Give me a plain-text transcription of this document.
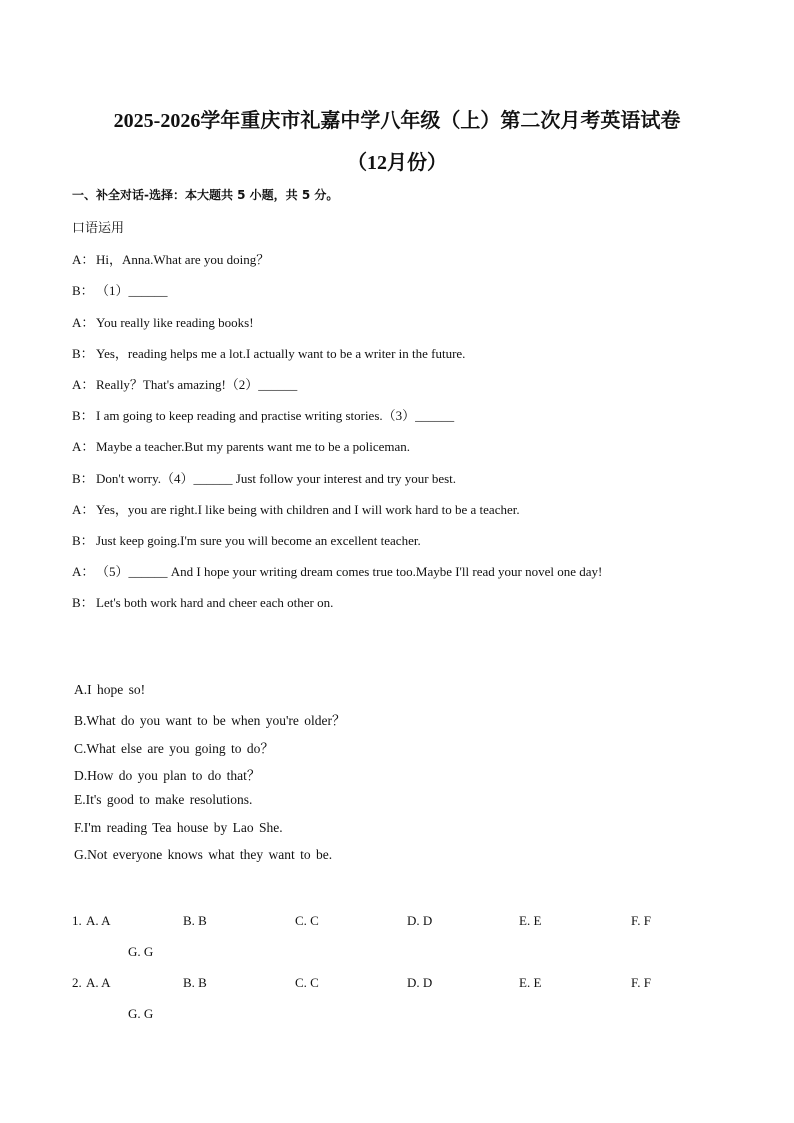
2025-2026学年重庆市礼嘉中学八年级（上）第二次月考英语试卷
（12月份）
一、补全对话-选择：本大题共 5 小题，共 5 分。
口语运用
A： Hi，Anna.What are you doing？
B： （1）______
A： You really like reading books!
B： Yes，reading helps me a lot.I actually want to be a writer in the future.
A： Really？That's amazing!（2）______
B： I am going to keep reading and practise writing stories.（3）______
A： Maybe a teacher.But my parents want me to be a policeman.
B： Don't worry.（4）______ Just follow your interest and try your best.
A： Yes，you are right.I like being with children and I will work hard to be a teacher.
B： Just keep going.I'm sure you will become an excellent teacher.
A： （5）______ And I hope your writing dream comes true too.Maybe I'll read your novel one day!
B： Let's both work hard and cheer each other on.
A.I hope so!
B.What do you want to be when you're older？
C.What else are you going to do？
D.How do you plan to do that？
E.It's good to make resolutions.
F.I'm reading Tea house by Lao She.
G.Not everyone knows what they want to be.
1. A. A	B. B	C. C	D. D	E. E	F. F
G. G
2. A. A	B. B	C. C	D. D	E. E	F. F
G. G
